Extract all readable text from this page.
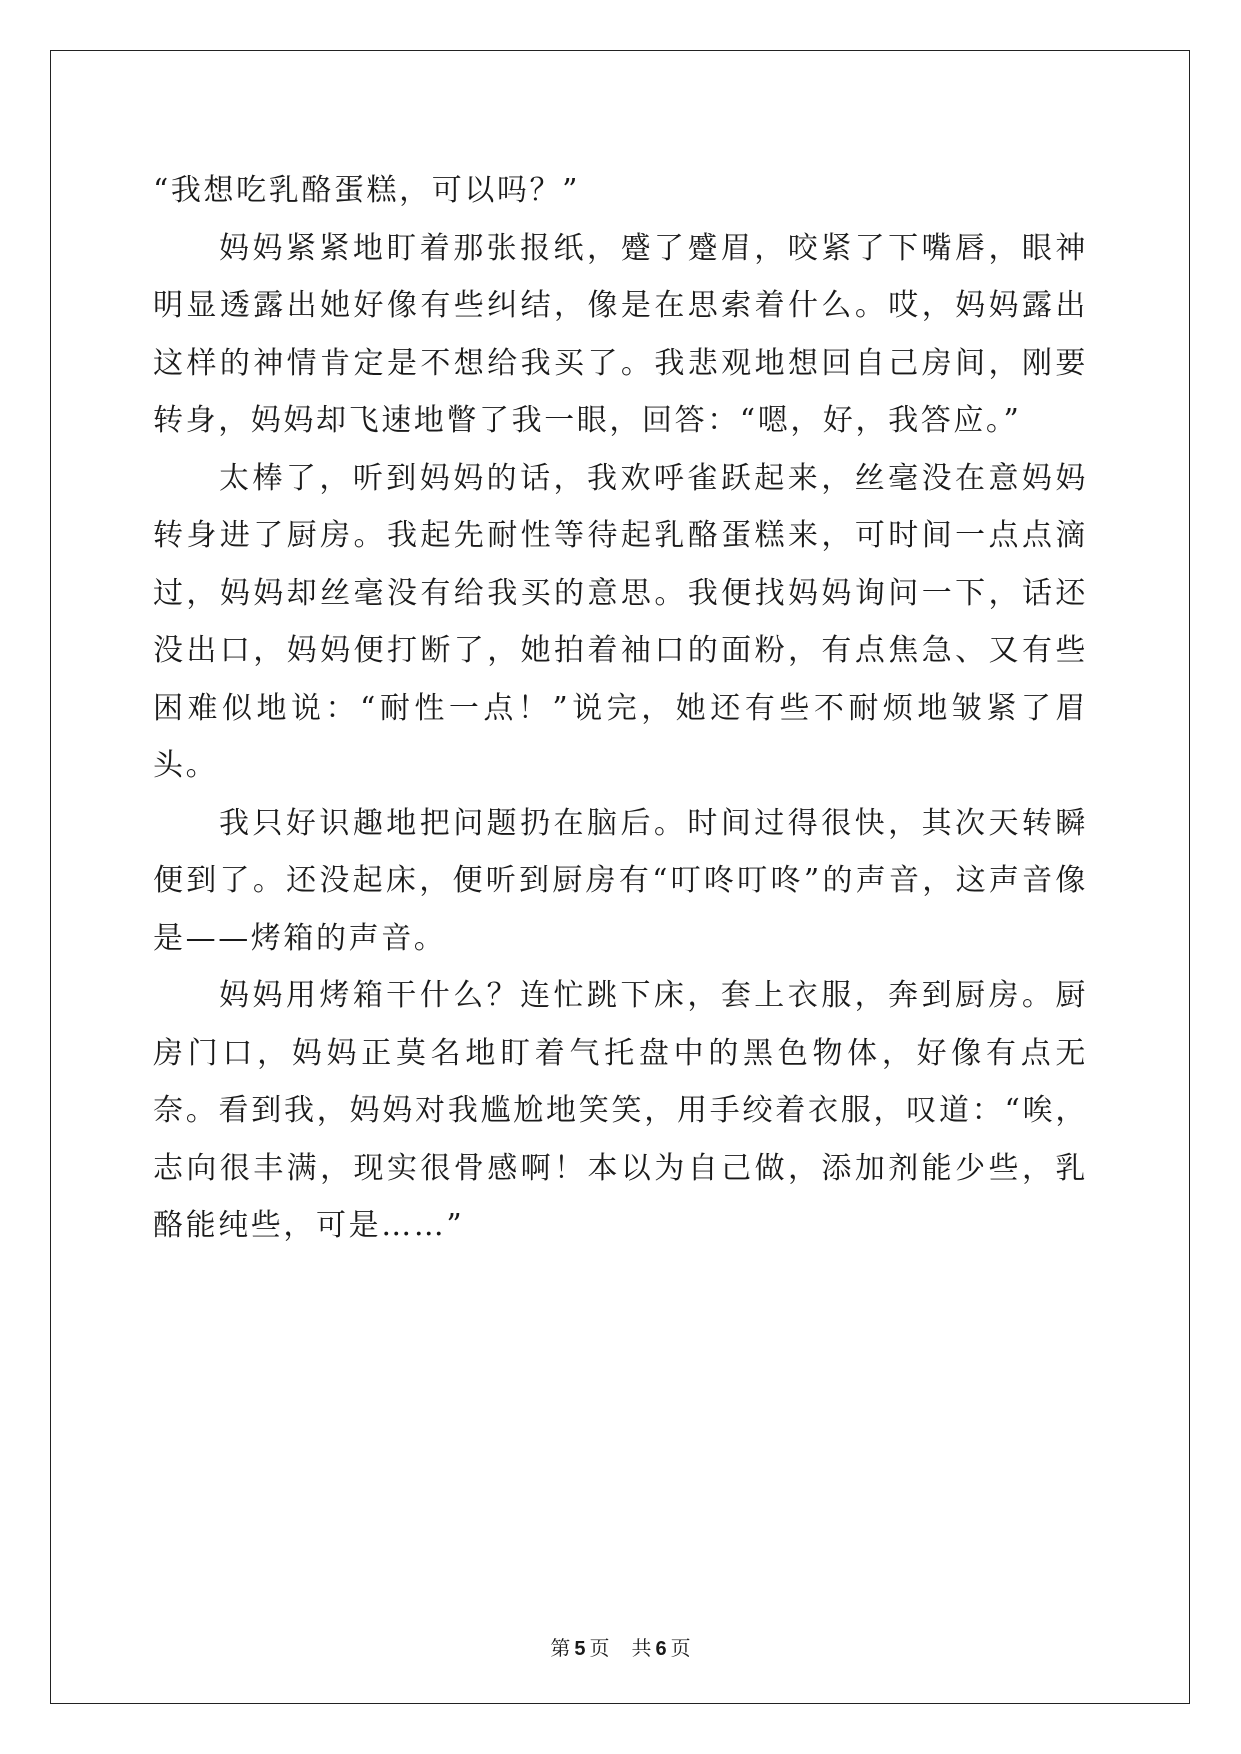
“我想吃乳酪蛋糕，可以吗？”

妈妈紧紧地盯着那张报纸，蹙了蹙眉，咬紧了下嘴唇，眼神明显透露出她好像有些纠结，像是在思索着什么。哎，妈妈露出这样的神情肯定是不想给我买了。我悲观地想回自己房间，刚要转身，妈妈却飞速地瞥了我一眼，回答：“嗯，好，我答应。”

太棒了，听到妈妈的话，我欢呼雀跃起来，丝毫没在意妈妈转身进了厨房。我起先耐性等待起乳酪蛋糕来，可时间一点点滴过，妈妈却丝毫没有给我买的意思。我便找妈妈询问一下，话还没出口，妈妈便打断了，她拍着袖口的面粉，有点焦急、又有些困难似地说：“耐性一点！”说完，她还有些不耐烦地皱紧了眉头。

我只好识趣地把问题扔在脑后。时间过得很快，其次天转瞬便到了。还没起床，便听到厨房有“叮咚叮咚”的声音，这声音像是——烤箱的声音。

妈妈用烤箱干什么？连忙跳下床，套上衣服，奔到厨房。厨房门口，妈妈正莫名地盯着气托盘中的黑色物体，好像有点无奈。看到我，妈妈对我尴尬地笑笑，用手绞着衣服，叹道：“唉，志向很丰满，现实很骨感啊！本以为自己做，添加剂能少些，乳酪能纯些，可是……”

第 5 页 共 6 页
